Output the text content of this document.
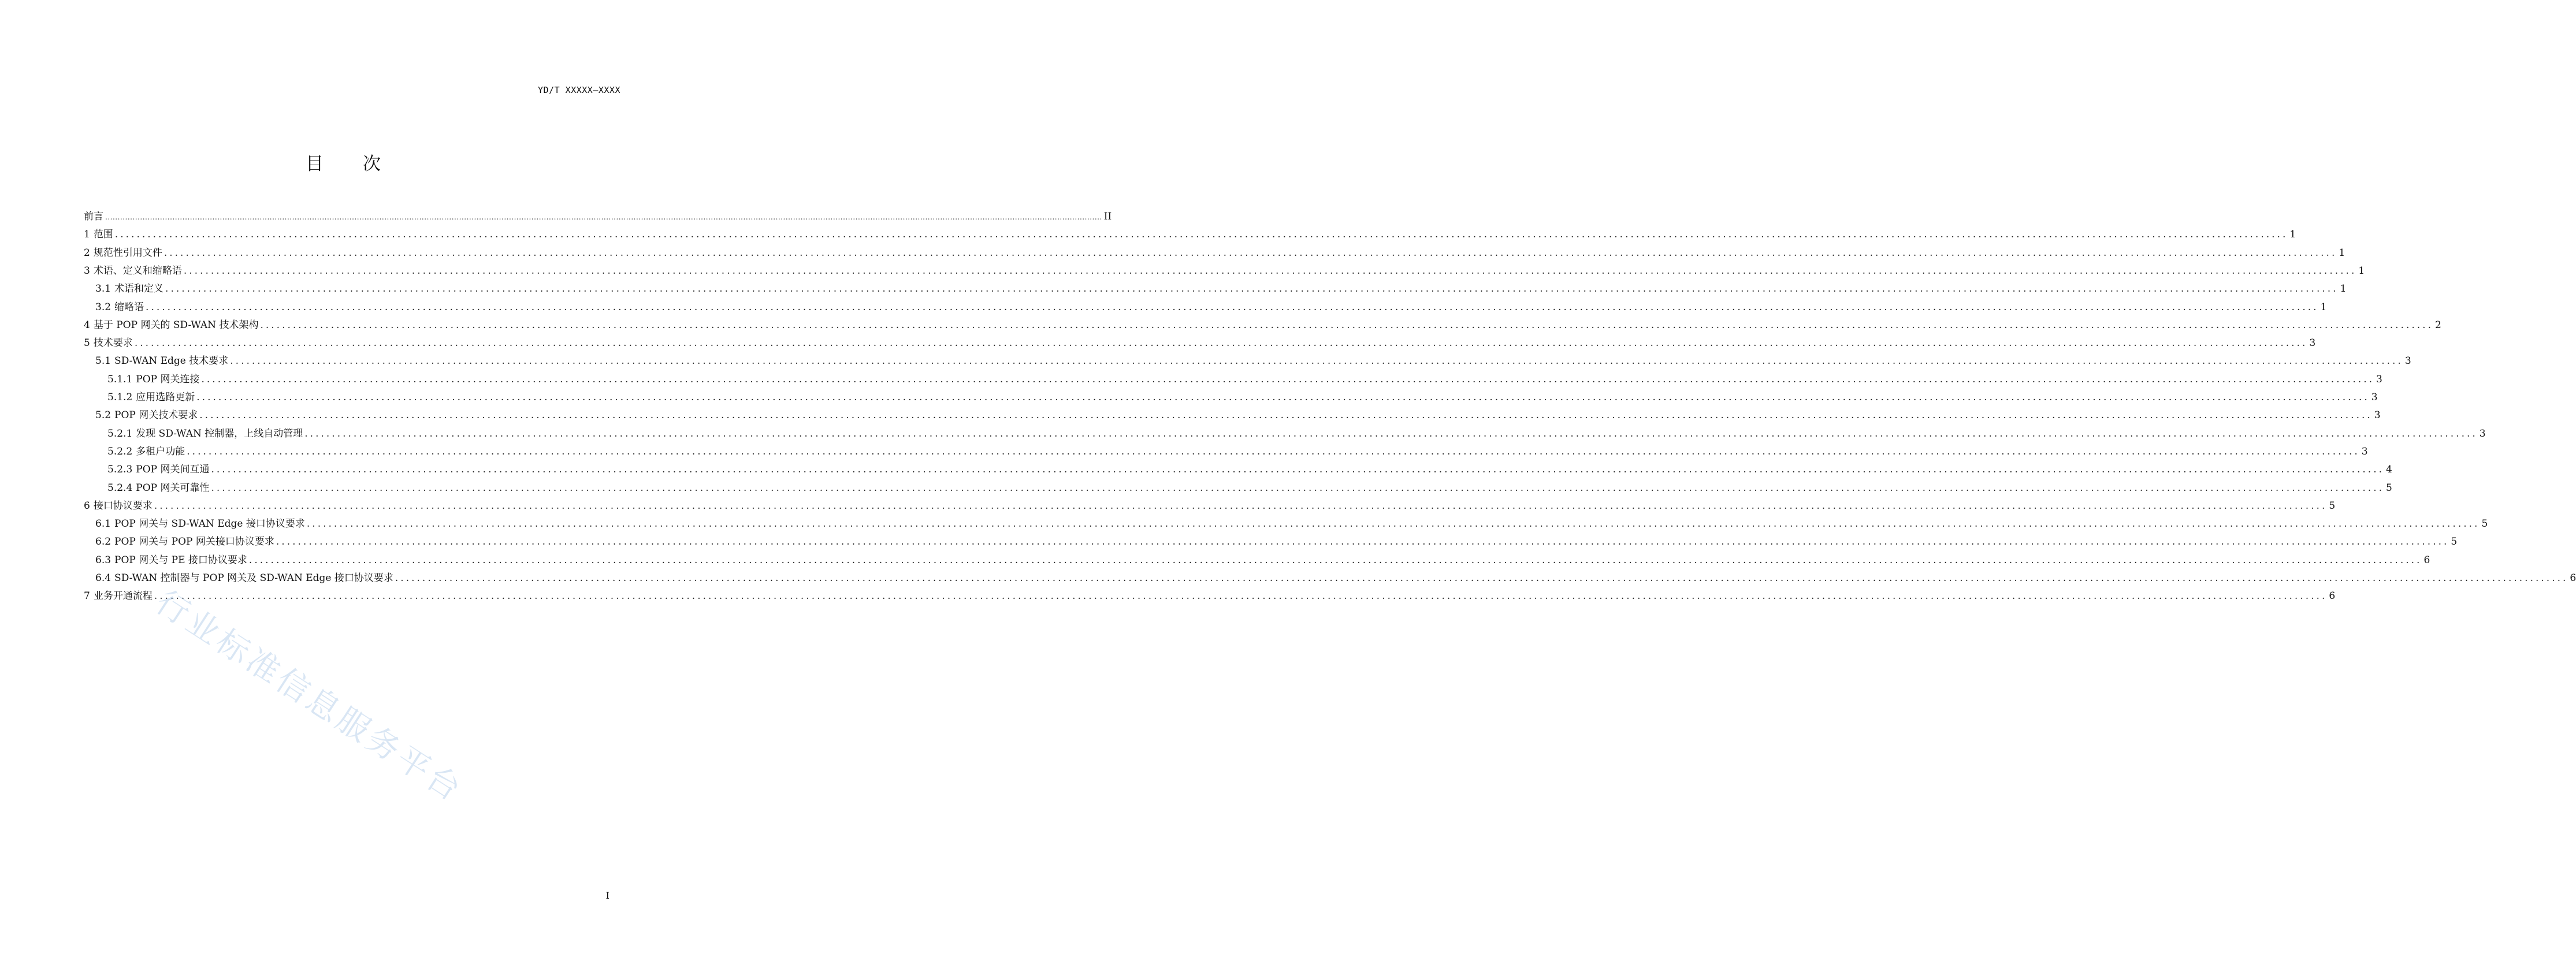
YD/T XXXXX—XXXX
目　　次
前言 ................................................................................................................................................................................................................................................................................................................................................................................................................ II
1 范围 ................................................................................................................................................................................................................................................................................................................................................................................................................ 1
2 规范性引用文件 ................................................................................................................................................................................................................................................................................................................................................................................................................ 1
3 术语、定义和缩略语 ................................................................................................................................................................................................................................................................................................................................................................................................................ 1
3.1 术语和定义 ................................................................................................................................................................................................................................................................................................................................................................................................................ 1
3.2 缩略语 ................................................................................................................................................................................................................................................................................................................................................................................................................ 1
4 基于 POP 网关的 SD-WAN 技术架构 ................................................................................................................................................................................................................................................................................................................................................................................................................ 2
5 技术要求 ................................................................................................................................................................................................................................................................................................................................................................................................................ 3
5.1 SD-WAN Edge 技术要求 ................................................................................................................................................................................................................................................................................................................................................................................................................ 3
5.1.1 POP 网关连接 ................................................................................................................................................................................................................................................................................................................................................................................................................ 3
5.1.2 应用选路更新 ................................................................................................................................................................................................................................................................................................................................................................................................................ 3
5.2 POP 网关技术要求 ................................................................................................................................................................................................................................................................................................................................................................................................................ 3
5.2.1 发现 SD-WAN 控制器，上线自动管理 ................................................................................................................................................................................................................................................................................................................................................................................................................ 3
5.2.2 多租户功能 ................................................................................................................................................................................................................................................................................................................................................................................................................ 3
5.2.3 POP 网关间互通 ................................................................................................................................................................................................................................................................................................................................................................................................................ 4
5.2.4 POP 网关可靠性 ................................................................................................................................................................................................................................................................................................................................................................................................................ 5
6 接口协议要求 ................................................................................................................................................................................................................................................................................................................................................................................................................ 5
6.1 POP 网关与 SD-WAN Edge 接口协议要求 ................................................................................................................................................................................................................................................................................................................................................................................................................ 5
6.2 POP 网关与 POP 网关接口协议要求 ................................................................................................................................................................................................................................................................................................................................................................................................................ 5
6.3 POP 网关与 PE 接口协议要求 ................................................................................................................................................................................................................................................................................................................................................................................................................ 6
6.4 SD-WAN 控制器与 POP 网关及 SD-WAN Edge 接口协议要求 ................................................................................................................................................................................................................................................................................................................................................................................................................ 6
7 业务开通流程 ................................................................................................................................................................................................................................................................................................................................................................................................................ 6
行业标准信息服务平台
I
